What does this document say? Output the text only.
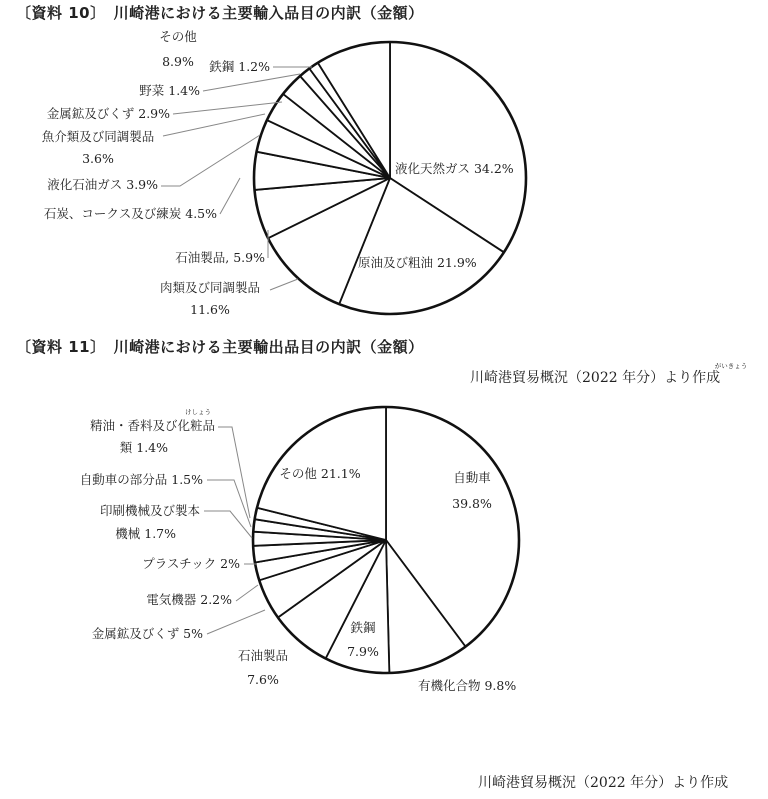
〔資料 10〕　川崎港における主要輸入品目の内訳（金額）
〔資料 11〕　川崎港における主要輸出品目の内訳（金額）
川崎港貿易概況（2022 年分）より作成
川崎港貿易概況（2022 年分）より作成
がいきょう
けしょう
液化天然ガス 34.2%
原油及び粗油 21.9%
肉類及び同調製品
11.6%
石油製品, 5.9%
石炭、コークス及び練炭 4.5%
液化石油ガス 3.9%
魚介類及び同調製品
3.6%
金属鉱及びくず 2.9%
野菜 1.4%
鉄鋼 1.2%
その他
8.9%
自動車
39.8%
有機化合物 9.8%
鉄鋼
7.9%
石油製品
7.6%
金属鉱及びくず 5%
電気機器 2.2%
プラスチック 2%
印刷機械及び製本
機械 1.7%
自動車の部分品 1.5%
精油・香料及び化粧品
類 1.4%
その他 21.1%
